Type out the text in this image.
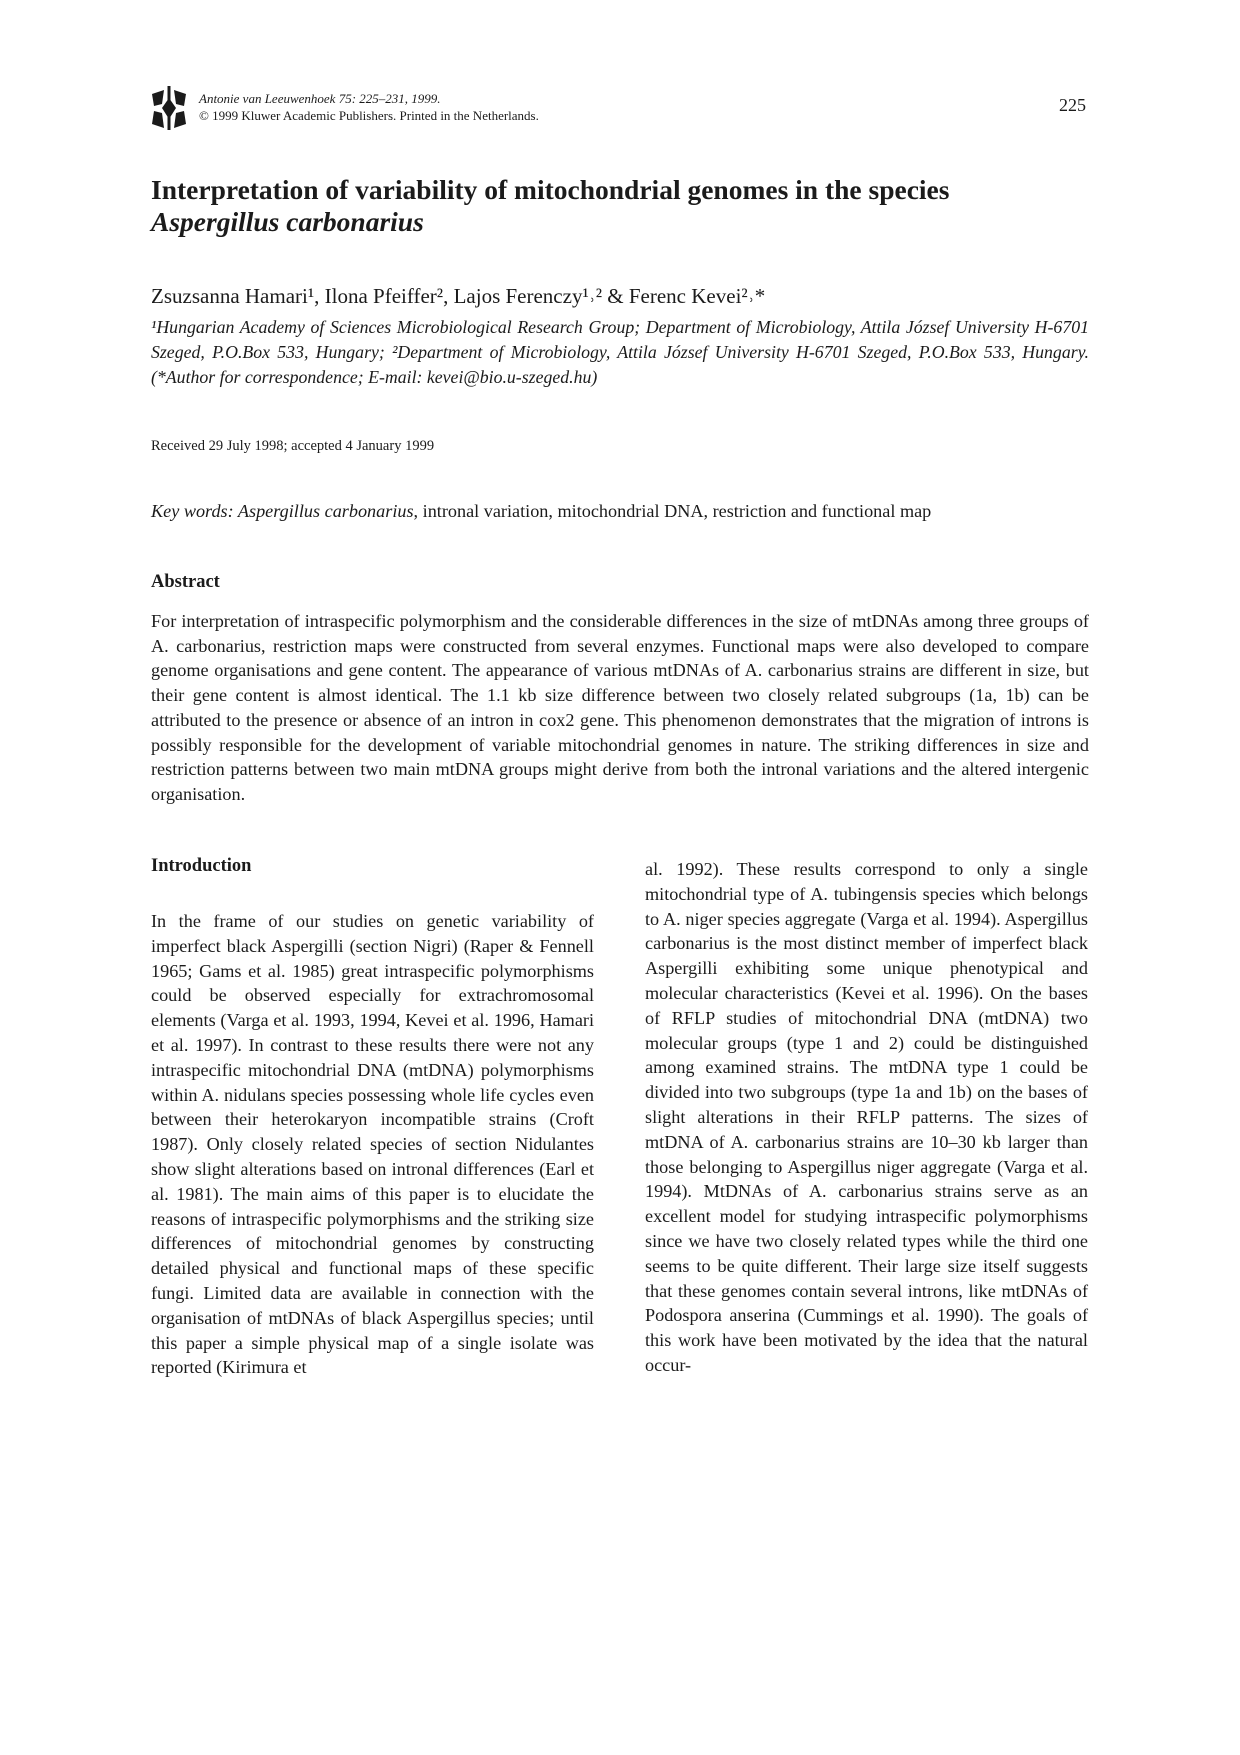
Antonie van Leeuwenhoek 75: 225–231, 1999.
© 1999 Kluwer Academic Publishers. Printed in the Netherlands.
225
Interpretation of variability of mitochondrial genomes in the species
Aspergillus carbonarius
Zsuzsanna Hamari¹, Ilona Pfeiffer², Lajos Ferenczy¹˒² & Ferenc Kevei²˒*
¹Hungarian Academy of Sciences Microbiological Research Group; Department of Microbiology, Attila József University H-6701 Szeged, P.O.Box 533, Hungary; ²Department of Microbiology, Attila József University H-6701 Szeged, P.O.Box 533, Hungary. (*Author for correspondence; E-mail: kevei@bio.u-szeged.hu)
Received 29 July 1998; accepted 4 January 1999
Key words: Aspergillus carbonarius, intronal variation, mitochondrial DNA, restriction and functional map
Abstract

For interpretation of intraspecific polymorphism and the considerable differences in the size of mtDNAs among three groups of A. carbonarius, restriction maps were constructed from several enzymes. Functional maps were also developed to compare genome organisations and gene content. The appearance of various mtDNAs of A. carbonarius strains are different in size, but their gene content is almost identical. The 1.1 kb size difference between two closely related subgroups (1a, 1b) can be attributed to the presence or absence of an intron in cox2 gene. This phenomenon demonstrates that the migration of introns is possibly responsible for the development of variable mitochondrial genomes in nature. The striking differences in size and restriction patterns between two main mtDNA groups might derive from both the intronal variations and the altered intergenic organisation.

Introduction

In the frame of our studies on genetic variability of imperfect black Aspergilli (section Nigri) (Raper & Fennell 1965; Gams et al. 1985) great intraspecific polymorphisms could be observed especially for extrachromosomal elements (Varga et al. 1993, 1994, Kevei et al. 1996, Hamari et al. 1997). In contrast to these results there were not any intraspecific mitochondrial DNA (mtDNA) polymorphisms within A. nidulans species possessing whole life cycles even between their heterokaryon incompatible strains (Croft 1987). Only closely related species of section Nidulantes show slight alterations based on intronal differences (Earl et al. 1981). The main aims of this paper is to elucidate the reasons of intraspecific polymorphisms and the striking size differences of mitochondrial genomes by constructing detailed physical and functional maps of these specific fungi. Limited data are available in connection with the organisation of mtDNAs of black Aspergillus species; until this paper a simple physical map of a single isolate was reported (Kirimura et

al. 1992). These results correspond to only a single mitochondrial type of A. tubingensis species which belongs to A. niger species aggregate (Varga et al. 1994). Aspergillus carbonarius is the most distinct member of imperfect black Aspergilli exhibiting some unique phenotypical and molecular characteristics (Kevei et al. 1996). On the bases of RFLP studies of mitochondrial DNA (mtDNA) two molecular groups (type 1 and 2) could be distinguished among examined strains. The mtDNA type 1 could be divided into two subgroups (type 1a and 1b) on the bases of slight alterations in their RFLP patterns. The sizes of mtDNA of A. carbonarius strains are 10–30 kb larger than those belonging to Aspergillus niger aggregate (Varga et al. 1994). MtDNAs of A. carbonarius strains serve as an excellent model for studying intraspecific polymorphisms since we have two closely related types while the third one seems to be quite different. Their large size itself suggests that these genomes contain several introns, like mtDNAs of Podospora anserina (Cummings et al. 1990). The goals of this work have been motivated by the idea that the natural occur-
